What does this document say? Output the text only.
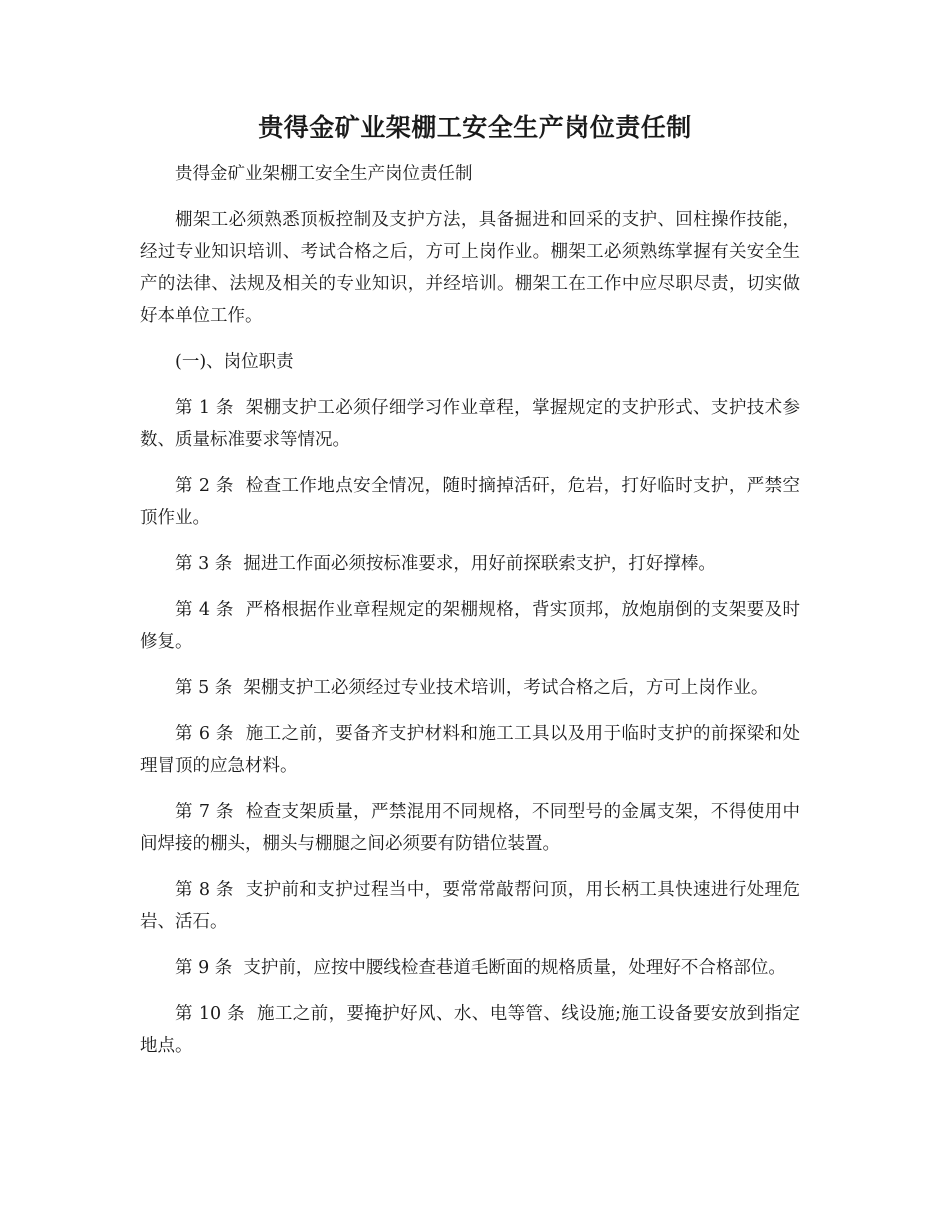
贵得金矿业架棚工安全生产岗位责任制

贵得金矿业架棚工安全生产岗位责任制

棚架工必须熟悉顶板控制及支护方法，具备掘进和回采的支护、回柱操作技能，经过专业知识培训、考试合格之后，方可上岗作业。棚架工必须熟练掌握有关安全生产的法律、法规及相关的专业知识，并经培训。棚架工在工作中应尽职尽责，切实做好本单位工作。

(一)、岗位职责

第 1 条  架棚支护工必须仔细学习作业章程，掌握规定的支护形式、支护技术参数、质量标准要求等情况。

第 2 条  检查工作地点安全情况，随时摘掉活矸，危岩，打好临时支护，严禁空顶作业。

第 3 条  掘进工作面必须按标准要求，用好前探联索支护，打好撑棒。

第 4 条  严格根据作业章程规定的架棚规格，背实顶邦，放炮崩倒的支架要及时修复。

第 5 条  架棚支护工必须经过专业技术培训，考试合格之后，方可上岗作业。

第 6 条  施工之前，要备齐支护材料和施工工具以及用于临时支护的前探梁和处理冒顶的应急材料。

第 7 条  检查支架质量，严禁混用不同规格，不同型号的金属支架，不得使用中间焊接的棚头，棚头与棚腿之间必须要有防错位装置。

第 8 条  支护前和支护过程当中，要常常敲帮问顶，用长柄工具快速进行处理危岩、活石。

第 9 条  支护前，应按中腰线检查巷道毛断面的规格质量，处理好不合格部位。

第 10 条  施工之前，要掩护好风、水、电等管、线设施;施工设备要安放到指定地点。
